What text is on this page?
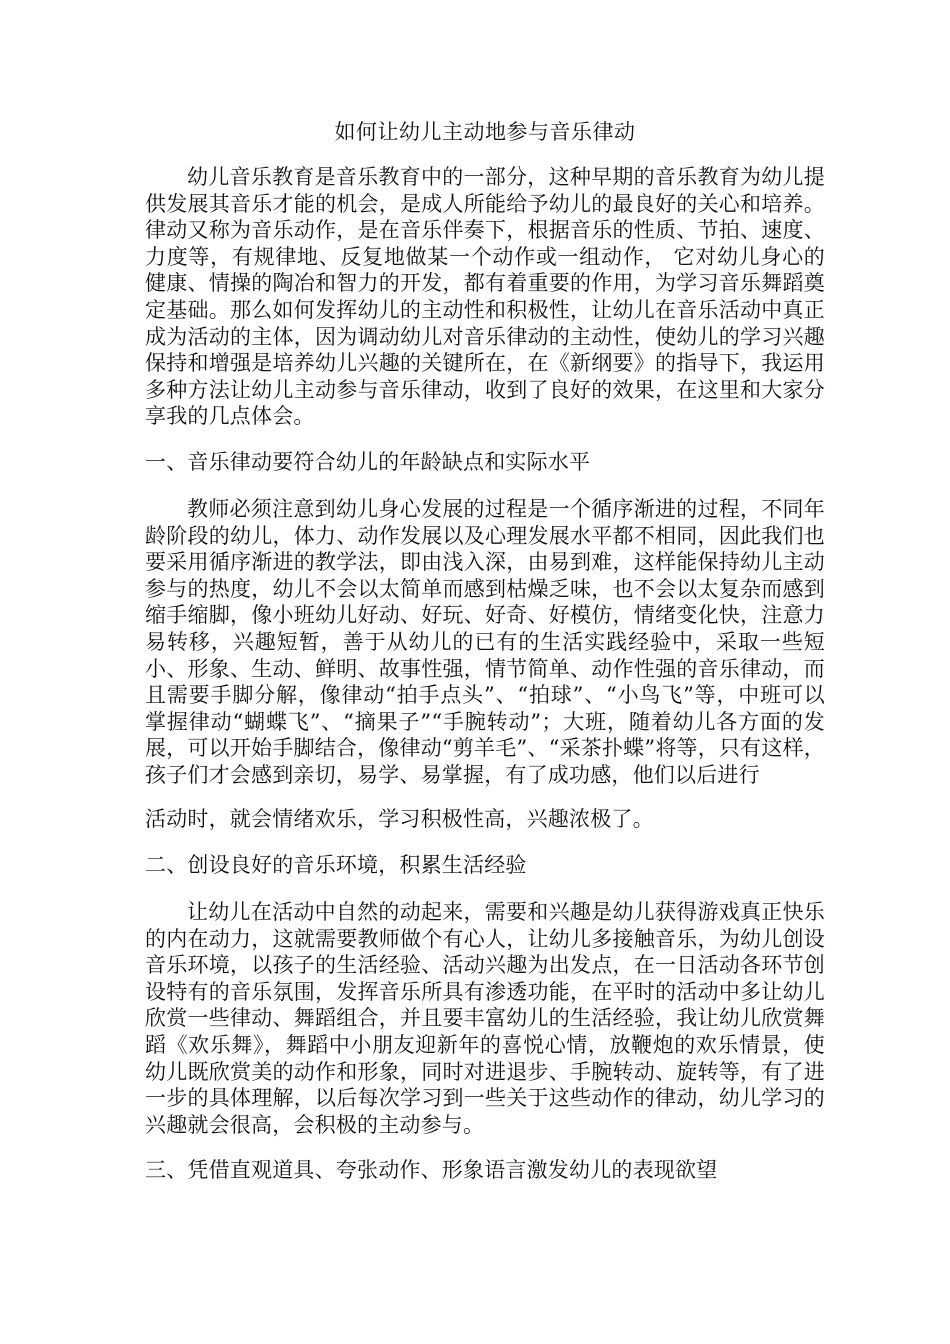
如何让幼儿主动地参与音乐律动

幼儿音乐教育是音乐教育中的一部分，这种早期的音乐教育为幼儿提供发展其音乐才能的机会，是成人所能给予幼儿的最良好的关心和培养。律动又称为音乐动作，是在音乐伴奏下，根据音乐的性质、节拍、速度、力度等，有规律地、反复地做某一个动作或一组动作， 它对幼儿身心的健康、情操的陶冶和智力的开发，都有着重要的作用，为学习音乐舞蹈奠定基础。那么如何发挥幼儿的主动性和积极性，让幼儿在音乐活动中真正成为活动的主体，因为调动幼儿对音乐律动的主动性，使幼儿的学习兴趣保持和增强是培养幼儿兴趣的关键所在，在《新纲要》的指导下，我运用多种方法让幼儿主动参与音乐律动，收到了良好的效果，在这里和大家分享我的几点体会。

一、音乐律动要符合幼儿的年龄缺点和实际水平

教师必须注意到幼儿身心发展的过程是一个循序渐进的过程，不同年龄阶段的幼儿，体力、动作发展以及心理发展水平都不相同，因此我们也要采用循序渐进的教学法，即由浅入深，由易到难，这样能保持幼儿主动参与的热度，幼儿不会以太简单而感到枯燥乏味，也不会以太复杂而感到缩手缩脚，像小班幼儿好动、好玩、好奇、好模仿，情绪变化快，注意力易转移，兴趣短暂，善于从幼儿的已有的生活实践经验中，采取一些短小、形象、生动、鲜明、故事性强，情节简单、动作性强的音乐律动，而且需要手脚分解，像律动“拍手点头”、“拍球”、“小鸟飞”等，中班可以掌握律动“蝴蝶飞”、“摘果子”“手腕转动”；大班，随着幼儿各方面的发展，可以开始手脚结合，像律动“剪羊毛”、“采茶扑蝶”将等，只有这样，孩子们才会感到亲切，易学、易掌握，有了成功感，他们以后进行

活动时，就会情绪欢乐，学习积极性高，兴趣浓极了。

二、创设良好的音乐环境，积累生活经验

让幼儿在活动中自然的动起来，需要和兴趣是幼儿获得游戏真正快乐的内在动力，这就需要教师做个有心人，让幼儿多接触音乐，为幼儿创设音乐环境，以孩子的生活经验、活动兴趣为出发点，在一日活动各环节创设特有的音乐氛围，发挥音乐所具有渗透功能，在平时的活动中多让幼儿欣赏一些律动、舞蹈组合，并且要丰富幼儿的生活经验，我让幼儿欣赏舞蹈《欢乐舞》，舞蹈中小朋友迎新年的喜悦心情，放鞭炮的欢乐情景，使幼儿既欣赏美的动作和形象，同时对进退步、手腕转动、旋转等，有了进一步的具体理解，以后每次学习到一些关于这些动作的律动，幼儿学习的兴趣就会很高，会积极的主动参与。

三、凭借直观道具、夸张动作、形象语言激发幼儿的表现欲望
